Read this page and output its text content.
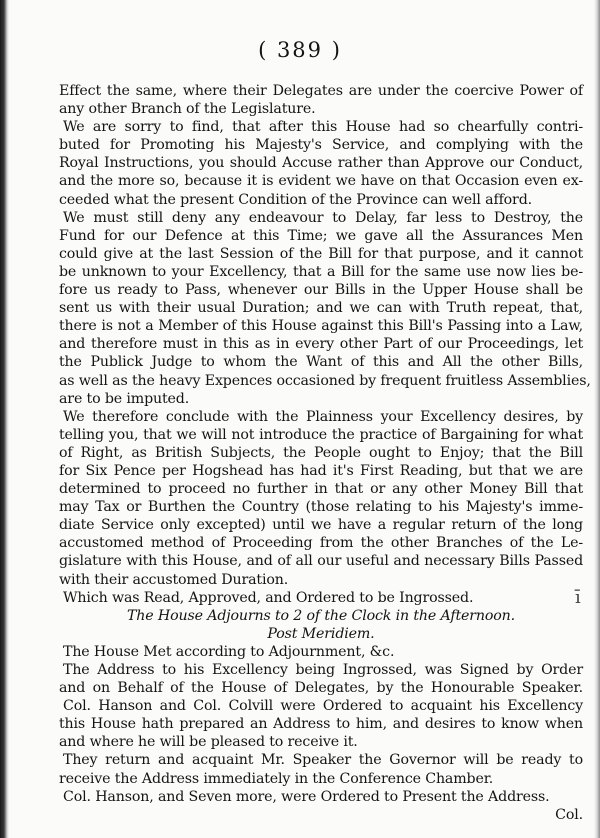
( 389 )
Effect the same, where their Delegates are under the coercive Power of
any other Branch of the Legislature.
We are sorry to find, that after this House had so chearfully contri-
buted for Promoting his Majesty's Service, and complying with the
Royal Instructions, you should Accuse rather than Approve our Conduct,
and the more so, because it is evident we have on that Occasion even ex-
ceeded what the present Condition of the Province can well afford.
We must still deny any endeavour to Delay, far less to Destroy, the
Fund for our Defence at this Time; we gave all the Assurances Men
could give at the last Session of the Bill for that purpose, and it cannot
be unknown to your Excellency, that a Bill for the same use now lies be-
fore us ready to Pass, whenever our Bills in the Upper House shall be
sent us with their usual Duration; and we can with Truth repeat, that,
there is not a Member of this House against this Bill's Passing into a Law,
and therefore must in this as in every other Part of our Proceedings, let
the Publick Judge to whom the Want of this and All the other Bills,
as well as the heavy Expences occasioned by frequent fruitless Assemblies,
are to be imputed.
We therefore conclude with the Plainness your Excellency desires, by
telling you, that we will not introduce the practice of Bargaining for what
of Right, as British Subjects, the People ought to Enjoy; that the Bill
for Six Pence per Hogshead has had it's First Reading, but that we are
determined to proceed no further in that or any other Money Bill that
may Tax or Burthen the Country (those relating to his Majesty's imme-
diate Service only excepted) until we have a regular return of the long
accustomed method of Proceeding from the other Branches of the Le-
gislature with this House, and of all our useful and necessary Bills Passed
with their accustomed Duration.
Which was Read, Approved, and Ordered to be Ingrossed.
The House Adjourns to 2 of the Clock in the Afternoon.
Post Meridiem.
The House Met according to Adjournment, &c.
The Address to his Excellency being Ingrossed, was Signed by Order
and on Behalf of the House of Delegates, by the Honourable Speaker.
Col. Hanson and Col. Colvill were Ordered to acquaint his Excellency
this House hath prepared an Address to him, and desires to know when
and where he will be pleased to receive it.
They return and acquaint Mr. Speaker the Governor will be ready to
receive the Address immediately in the Conference Chamber.
Col. Hanson, and Seven more, were Ordered to Present the Address.
Col.
ī
